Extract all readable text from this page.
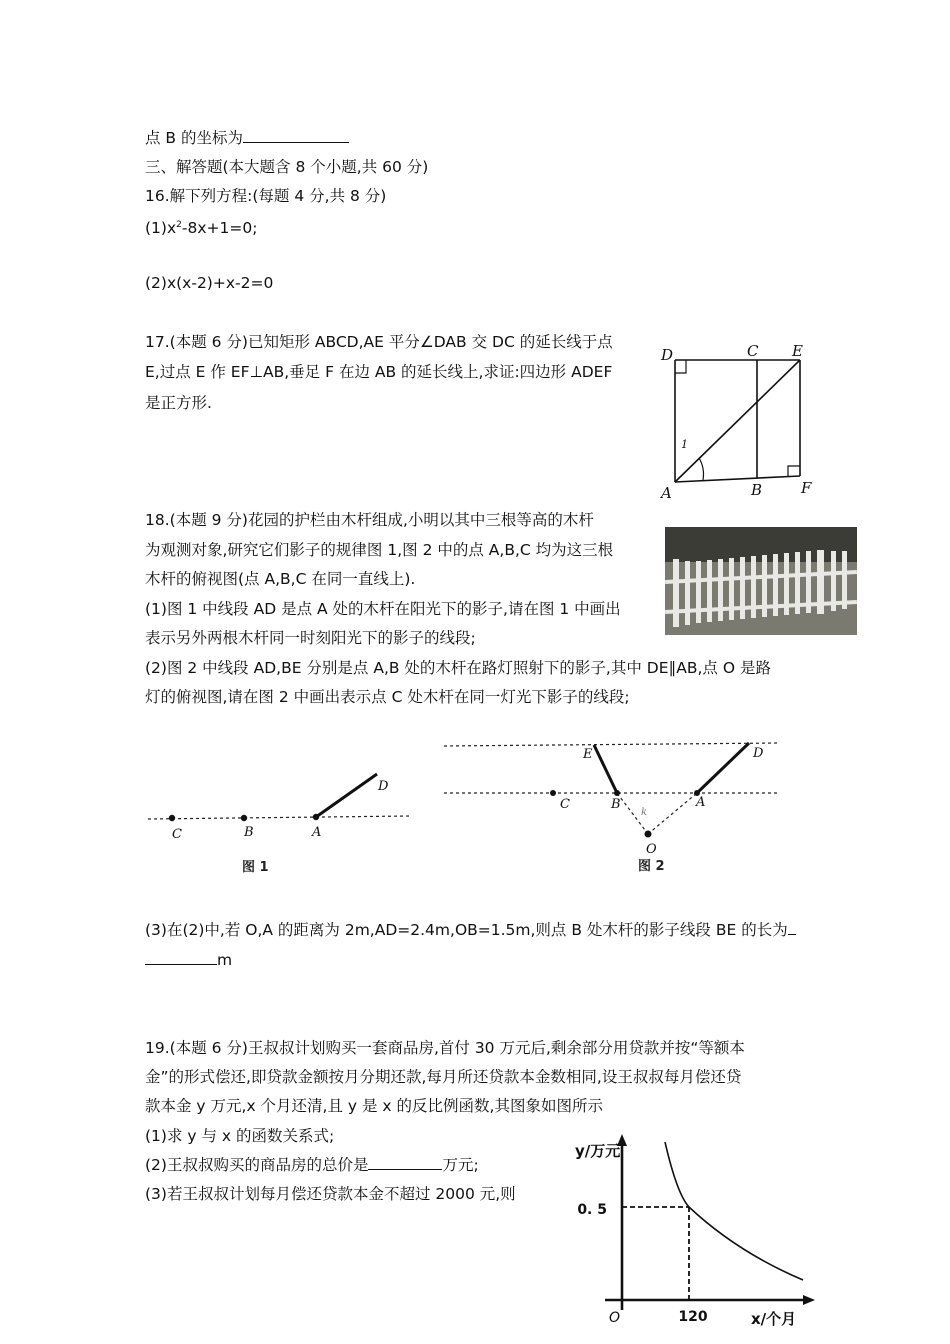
点 B 的坐标为
三、解答题(本大题含 8 个小题,共 60 分)
16.解下列方程:(每题 4 分,共 8 分)
$(1)x^2-8x+1=0$;
(2)x(x-2)+x-2=0
17.(本题 6 分)已知矩形 ABCD,AE 平分∠DAB 交 DC 的延长线于点
E,过点 E 作 EF⊥AB,垂足 F 在边 AB 的延长线上,求证:四边形 ADEF
是正方形.
18.(本题 9 分)花园的护栏由木杆组成,小明以其中三根等高的木杆
为观测对象,研究它们影子的规律图 1,图 2 中的点 A,B,C 均为这三根
木杆的俯视图(点 A,B,C 在同一直线上).
(1)图 1 中线段 AD 是点 A 处的木杆在阳光下的影子,请在图 1 中画出
表示另外两根木杆同一时刻阳光下的影子的线段;
(2)图 2 中线段 AD,BE 分别是点 A,B 处的木杆在路灯照射下的影子,其中 DE∥AB,点 O 是路
灯的俯视图,请在图 2 中画出表示点 C 处木杆在同一灯光下影子的线段;
(3)在(2)中,若 O,A 的距离为 2m,AD=2.4m,OB=1.5m,则点 B 处木杆的影子线段 BE 的长为
m
19.(本题 6 分)王叔叔计划购买一套商品房,首付 30 万元后,剩余部分用贷款并按“等额本
金”的形式偿还,即贷款金额按月分期还款,每月所还贷款本金数相同,设王叔叔每月偿还贷
款本金 y 万元,x 个月还清,且 y 是 x 的反比例函数,其图象如图所示
(1)求 y 与 x 的函数关系式;
(2)王叔叔购买的商品房的总价是	万元;
(3)若王叔叔计划每月偿还贷款本金不超过 2000 元,则
D	C E
A	B	F
1
C	B	A
D
图 1
E	D
C	B	A
O
k
图 2
y/万元
0. 5
120
O	x/个月
